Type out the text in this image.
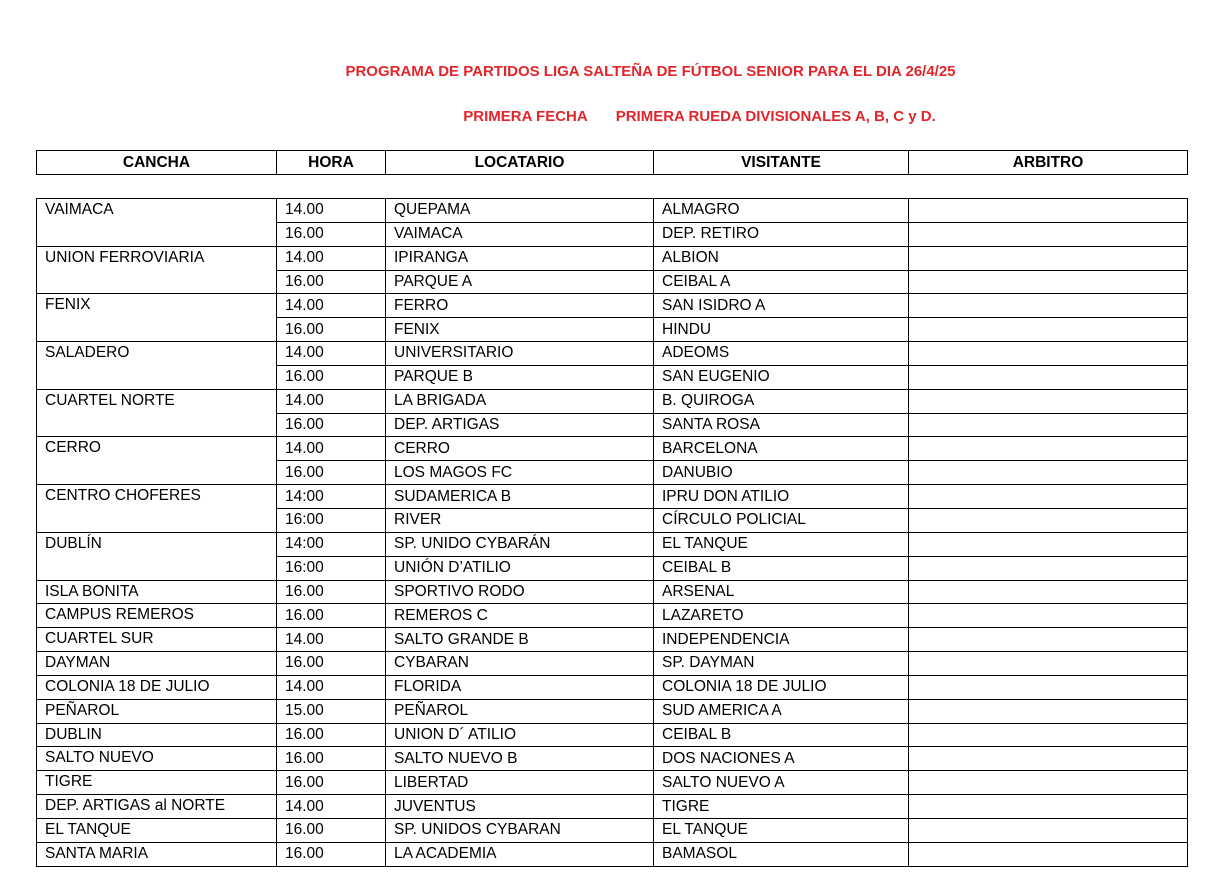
PROGRAMA DE PARTIDOS LIGA SALTEÑA DE FÚTBOL SENIOR PARA EL DIA 26/4/25
PRIMERA FECHA PRIMERA RUEDA DIVISIONALES A, B, C y D.
CANCHA	HORA	LOCATARIO	VISITANTE	ARBITRO
VAIMACA	14.00	QUEPAMA	ALMAGRO	
	16.00	VAIMACA	DEP. RETIRO	
UNION FERROVIARIA	14.00	IPIRANGA	ALBION	
	16.00	PARQUE A	CEIBAL A	
FENIX	14.00	FERRO	SAN ISIDRO A	
	16.00	FENIX	HINDU	
SALADERO	14.00	UNIVERSITARIO	ADEOMS	
	16.00	PARQUE B	SAN EUGENIO	
CUARTEL NORTE	14.00	LA BRIGADA	B. QUIROGA	
	16.00	DEP. ARTIGAS	SANTA ROSA	
CERRO	14.00	CERRO	BARCELONA	
	16.00	LOS MAGOS FC	DANUBIO	
CENTRO CHOFERES	14:00	SUDAMERICA B	IPRU DON ATILIO	
	16:00	RIVER	CÍRCULO POLICIAL	
DUBLÍN	14:00	SP. UNIDO CYBARÁN	EL TANQUE	
	16:00	UNIÓN D’ATILIO	CEIBAL B	
ISLA BONITA	16.00	SPORTIVO RODO	ARSENAL	
CAMPUS REMEROS	16.00	REMEROS C	LAZARETO	
CUARTEL SUR	14.00	SALTO GRANDE B	INDEPENDENCIA	
DAYMAN	16.00	CYBARAN	SP. DAYMAN	
COLONIA 18 DE JULIO	14.00	FLORIDA	COLONIA 18 DE JULIO	
PEÑAROL	15.00	PEÑAROL	SUD AMERICA A	
DUBLIN	16.00	UNION D´ ATILIO	CEIBAL B	
SALTO NUEVO	16.00	SALTO NUEVO B	DOS NACIONES A	
TIGRE	16.00	LIBERTAD	SALTO NUEVO A	
DEP. ARTIGAS al NORTE	14.00	JUVENTUS	TIGRE	
EL TANQUE	16.00	SP. UNIDOS CYBARAN	EL TANQUE	
SANTA MARIA	16.00	LA ACADEMIA	BAMASOL	
